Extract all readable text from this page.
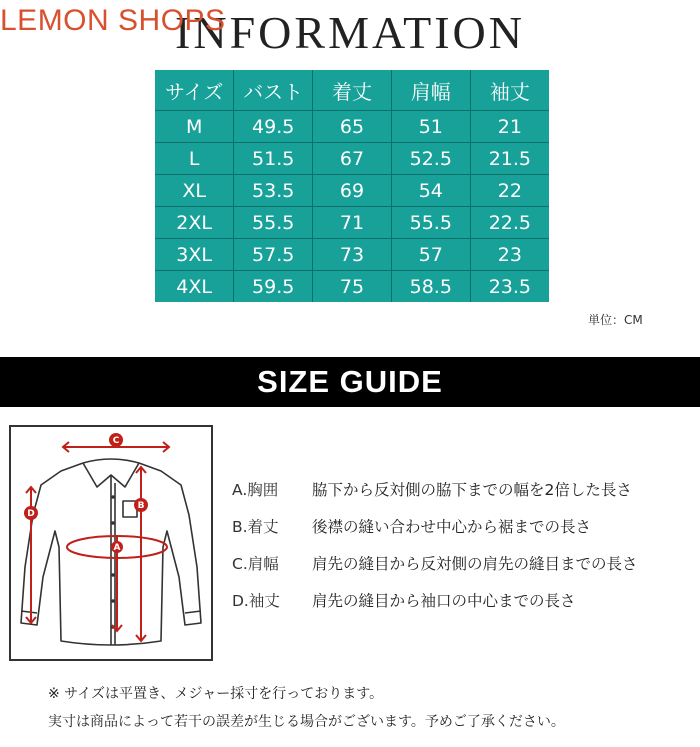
LEMON SHOPS
INFORMATION
サイズ	バスト	着丈	肩幅	袖丈
M	49.5	65	51	21
L	51.5	67	52.5	21.5
XL	53.5	69	54	22
2XL	55.5	71	55.5	22.5
3XL	57.5	73	57	23
4XL	59.5	75	58.5	23.5
単位：CM
SIZE GUIDE
C
B
D
A
A.胸囲 脇下から反対側の脇下までの幅を2倍した長さ
B.着丈 後襟の縫い合わせ中心から裾までの長さ
C.肩幅 肩先の縫目から反対側の肩先の縫目までの長さ
D.袖丈 肩先の縫目から袖口の中心までの長さ
※ サイズは平置き、メジャー採寸を行っております。
実寸は商品によって若干の誤差が生じる場合がございます。予めご了承ください。
